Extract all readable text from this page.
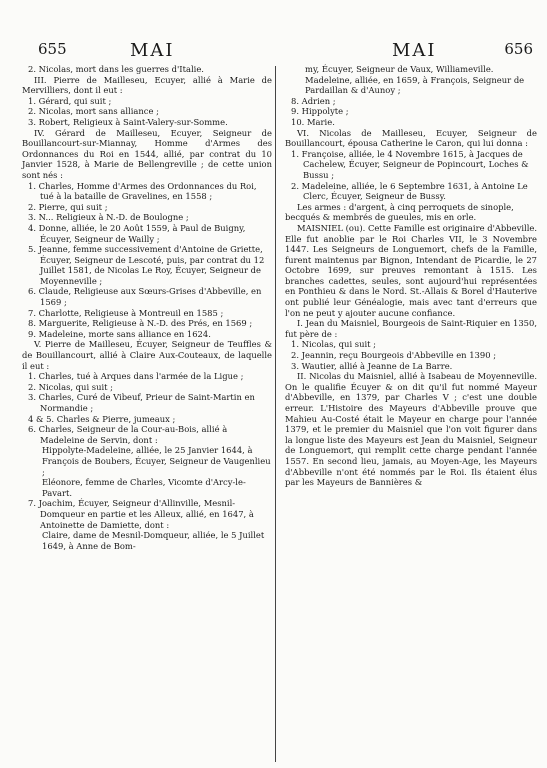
655	MAI	MAI	656

2. Nicolas, mort dans les guerres d'Italie.

III. Pierre de Mailleseu, Ecuyer, allié à Marie de Mervilliers, dont il eut :

1. Gérard, qui suit ;

2. Nicolas, mort sans alliance ;

3. Robert, Religieux à Saint-Valery-sur-Somme.

IV. Gérard de Mailleseu, Ecuyer, Seigneur de Bouillancourt-sur-Miannay, Homme d'Armes des Ordonnances du Roi en 1544, allié, par contrat du 10 Janvier 1528, à Marie de Bellengreville ; de cette union sont nés :

1. Charles, Homme d'Armes des Ordonnances du Roi, tué à la bataille de Gravelines, en 1558 ;

2. Pierre, qui suit ;

3. N... Religieux à N.-D. de Boulogne ;

4. Donne, alliée, le 20 Août 1559, à Paul de Buigny, Écuyer, Seigneur de Wailly ;

5. Jeanne, femme successivement d'Antoine de Griette, Écuyer, Seigneur de Lescoté, puis, par contrat du 12 Juillet 1581, de Nicolas Le Roy, Écuyer, Seigneur de Moyenneville ;

6. Claude, Religieuse aux Sœurs-Grises d'Abbeville, en 1569 ;

7. Charlotte, Religieuse à Montreuil en 1585 ;

8. Marguerite, Religieuse à N.-D. des Prés, en 1569 ;

9. Madeleine, morte sans alliance en 1624.

V. Pierre de Mailleseu, Écuyer, Seigneur de Teuffles & de Bouillancourt, allié à Claire Aux-Couteaux, de laquelle il eut :

1. Charles, tué à Arques dans l'armée de la Ligue ;

2. Nicolas, qui suit ;

3. Charles, Curé de Vibeuf, Prieur de Saint-Martin en Normandie ;

4 & 5. Charles & Pierre, jumeaux ;

6. Charles, Seigneur de la Cour-au-Bois, allié à Madeleine de Servin, dont :

Hippolyte-Madeleine, alliée, le 25 Janvier 1644, à François de Boubers, Écuyer, Seigneur de Vaugenlieu ;

Eléonore, femme de Charles, Vicomte d'Arcy-le-Pavart.

7. Joachim, Écuyer, Seigneur d'Allinville, Mesnil-Domqueur en partie et les Alleux, allié, en 1647, à Antoinette de Damiette, dont :

Claire, dame de Mesnil-Domqueur, alliée, le 5 Juillet 1649, à Anne de Bom-

my, Écuyer, Seigneur de Vaux, Williameville.

Madeleine, alliée, en 1659, à François, Seigneur de Pardaillan & d'Aunoy ;

8. Adrien ;

9. Hippolyte ;

10. Marie.

VI. Nicolas de Mailleseu, Ecuyer, Seigneur de Bouillancourt, épousa Catherine le Caron, qui lui donna :

1. Françoise, alliée, le 4 Novembre 1615, à Jacques de Cachelew, Écuyer, Seigneur de Popincourt, Loches & Bussu ;

2. Madeleine, alliée, le 6 Septembre 1631, à Antoine Le Clerc, Écuyer, Seigneur de Bussy.

Les armes : d'argent, à cinq perroquets de sinople, becqués & membrés de gueules, mis en orle.

MAISNIEL (ou). Cette Famille est originaire d'Abbeville. Elle fut anoblie par le Roi Charles VII, le 3 Novembre 1447. Les Seigneurs de Longuemort, chefs de la Famille, furent maintenus par Bignon, Intendant de Picardie, le 27 Octobre 1699, sur preuves remontant à 1515. Les branches cadettes, seules, sont aujourd'hui représentées en Ponthieu & dans le Nord. St.-Allais & Borel d'Hauterive ont publié leur Généalogie, mais avec tant d'erreurs que l'on ne peut y ajouter aucune confiance.

I. Jean du Maisniel, Bourgeois de Saint-Riquier en 1350, fut père de :

1. Nicolas, qui suit ;

2. Jeannin, reçu Bourgeois d'Abbeville en 1390 ;

3. Wautier, allié à Jeanne de La Barre.

II. Nicolas du Maisniel, allié à Isabeau de Moyenneville. On le qualifie Écuyer & on dit qu'il fut nommé Mayeur d'Abbeville, en 1379, par Charles V ; c'est une double erreur. L'Histoire des Mayeurs d'Abbeville prouve que Mahieu Au-Costé était le Mayeur en charge pour l'année 1379, et le premier du Maisniel que l'on voit figurer dans la longue liste des Mayeurs est Jean du Maisniel, Seigneur de Longuemort, qui remplit cette charge pendant l'année 1557. En second lieu, jamais, au Moyen-Age, les Mayeurs d'Abbeville n'ont été nommés par le Roi. Ils étaient élus par les Mayeurs de Bannières &
